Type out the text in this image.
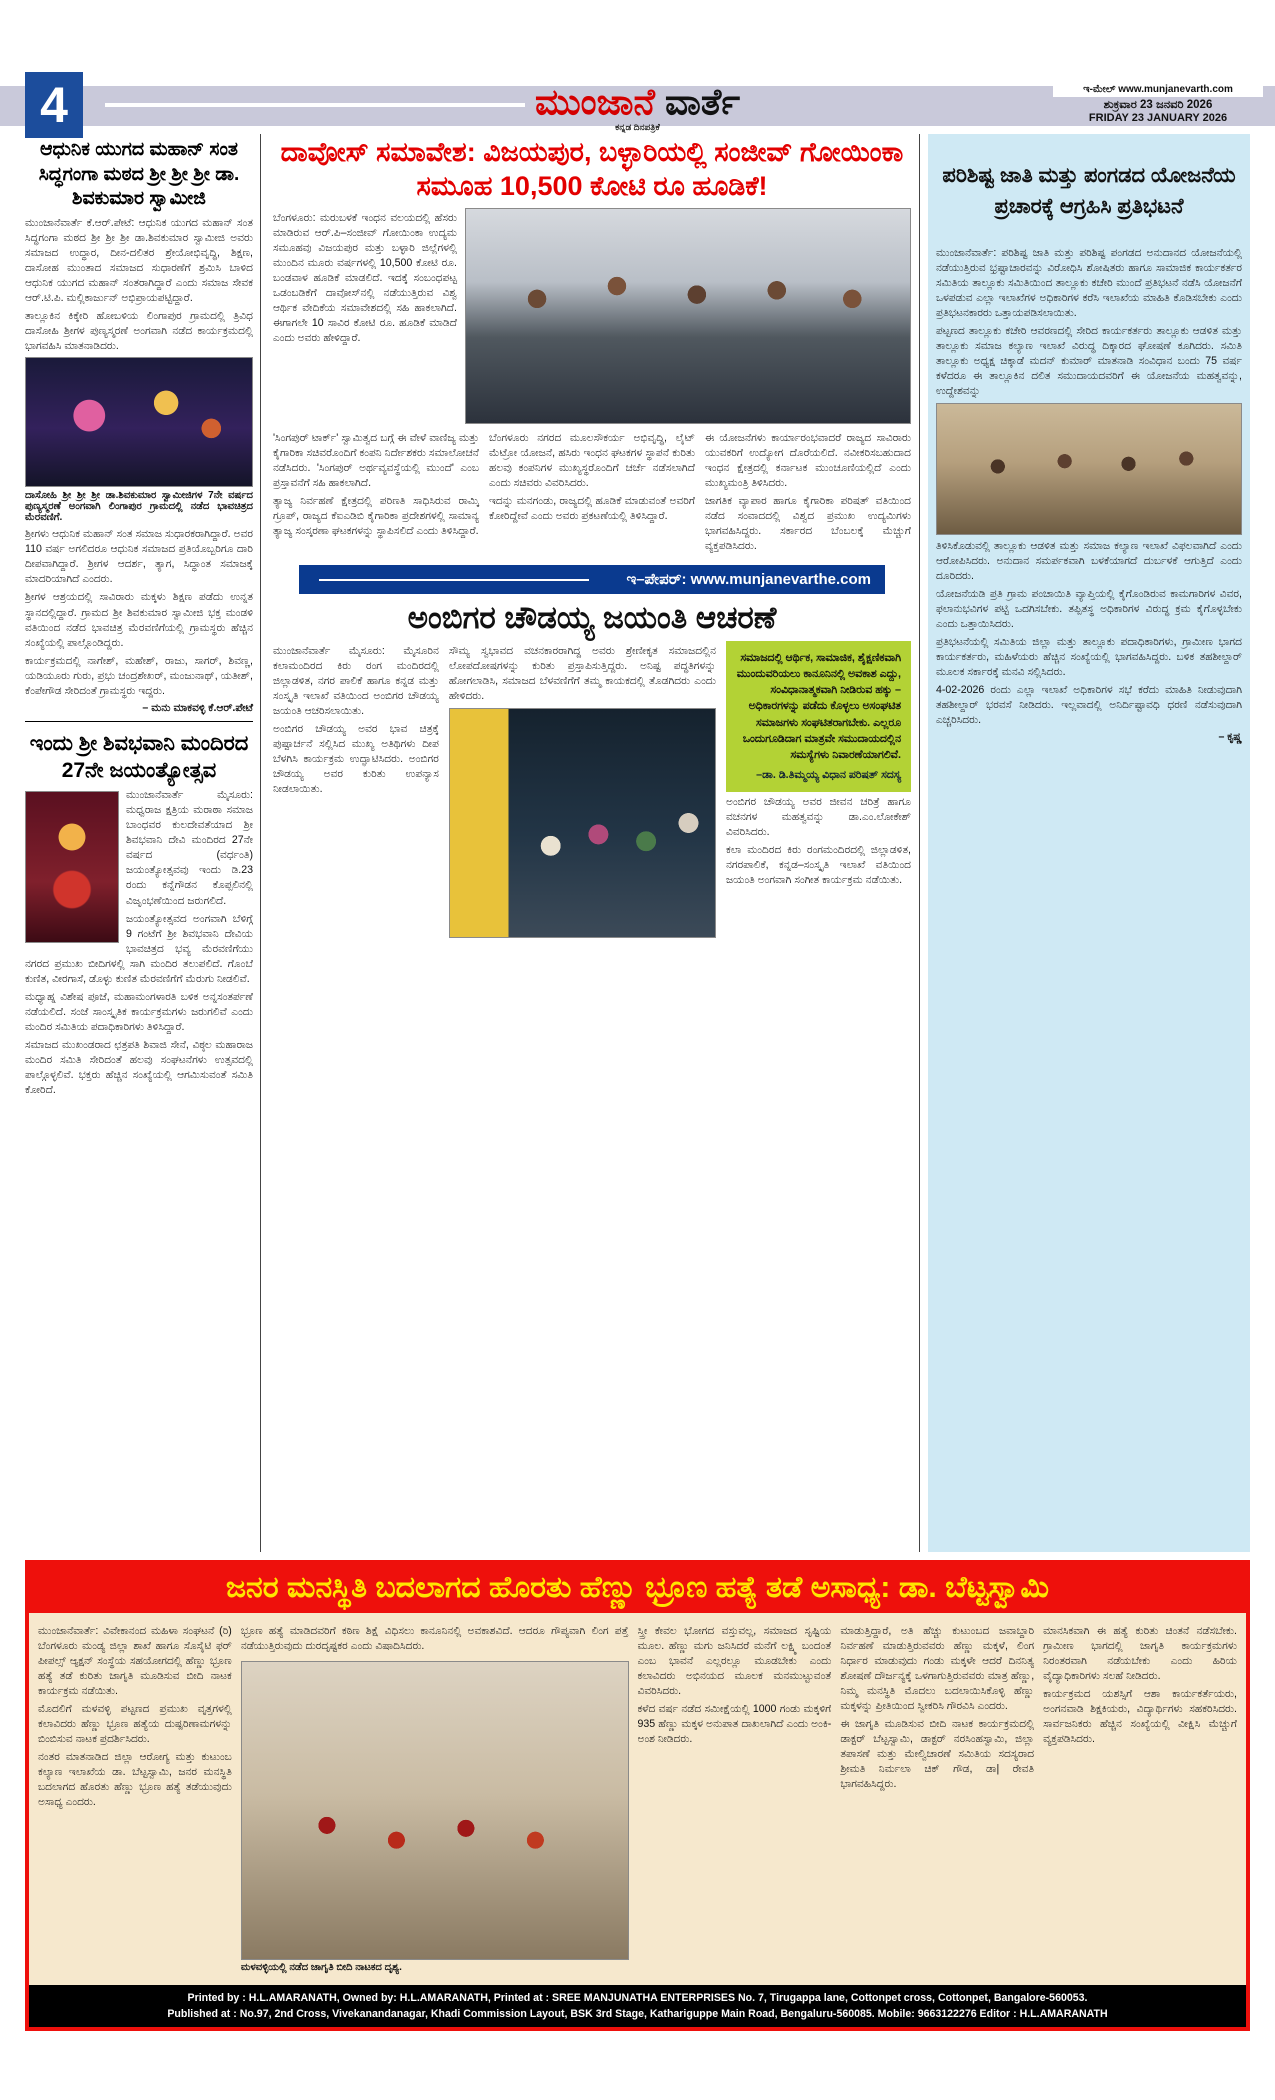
4	ಮುಂಜಾನೆ ವಾರ್ತೆ
ಕನ್ನಡ ದಿನಪತ್ರಿಕೆ
ಇ-ಮೇಲ್ www.munjanevarth.com
ಶುಕ್ರವಾರ 23 ಜನವರಿ 2026
FRIDAY 23 JANUARY 2026
ಆಧುನಿಕ ಯುಗದ ಮಹಾನ್ ಸಂತ ಸಿದ್ಧಗಂಗಾ ಮಠದ ಶ್ರೀ ಶ್ರೀ ಶ್ರೀ ಡಾ. ಶಿವಕುಮಾರ ಸ್ವಾಮೀಜಿ

ಮುಂಜಾನೆವಾರ್ತೆ ಕೆ.ಆರ್.ಪೇಟೆ: ಆಧುನಿಕ ಯುಗದ ಮಹಾನ್ ಸಂತ ಸಿದ್ಧಗಂಗಾ ಮಠದ ಶ್ರೀ ಶ್ರೀ ಶ್ರೀ ಡಾ.ಶಿವಕುಮಾರ ಸ್ವಾಮೀಜಿ ಅವರು ಸಮಾಜದ ಉದ್ಧಾರ, ದೀನ-ದಲಿತರ ಶ್ರೇಯೋಭಿವೃದ್ಧಿ, ಶಿಕ್ಷಣ, ದಾಸೋಹ ಮುಂತಾದ ಸಮಾಜದ ಸುಧಾರಣೆಗೆ ಶ್ರಮಿಸಿ ಬಾಳಿದ ಆಧುನಿಕ ಯುಗದ ಮಹಾನ್ ಸಂತರಾಗಿದ್ದಾರೆ ಎಂದು ಸಮಾಜ ಸೇವಕ ಆರ್.ಟಿ.ಪಿ. ಮಲ್ಲಿಕಾರ್ಜುನ್ ಅಭಿಪ್ರಾಯಪಟ್ಟಿದ್ದಾರೆ.

ತಾಲ್ಲೂಕಿನ ಕಿಕ್ಕೇರಿ ಹೋಬಳಿಯ ಲಿಂಗಾಪುರ ಗ್ರಾಮದಲ್ಲಿ ತ್ರಿವಿಧ ದಾಸೋಹಿ ಶ್ರೀಗಳ ಪುಣ್ಯಸ್ಮರಣೆ ಅಂಗವಾಗಿ ನಡೆದ ಕಾರ್ಯಕ್ರಮದಲ್ಲಿ ಭಾಗವಹಿಸಿ ಮಾತನಾಡಿದರು.

ದಾಸೋಹಿ ಶ್ರೀ ಶ್ರೀ ಶ್ರೀ ಡಾ.ಶಿವಕುಮಾರ ಸ್ವಾಮೀಜಿಗಳ 7ನೇ ವರ್ಷದ ಪುಣ್ಯಸ್ಮರಣೆ ಅಂಗವಾಗಿ ಲಿಂಗಾಪುರ ಗ್ರಾಮದಲ್ಲಿ ನಡೆದ ಭಾವಚಿತ್ರದ ಮೆರವಣಿಗೆ.

ಶ್ರೀಗಳು ಆಧುನಿಕ ಮಹಾನ್ ಸಂತ ಸಮಾಜ ಸುಧಾರಕರಾಗಿದ್ದಾರೆ. ಅವರ 110 ವರ್ಷ ಅಗಲಿದರೂ ಆಧುನಿಕ ಸಮಾಜದ ಪ್ರತಿಯೊಬ್ಬರಿಗೂ ದಾರಿ ದೀಪವಾಗಿದ್ದಾರೆ. ಶ್ರೀಗಳ ಆದರ್ಶ, ತ್ಯಾಗ, ಸಿದ್ಧಾಂತ ಸಮಾಜಕ್ಕೆ ಮಾದರಿಯಾಗಿದೆ ಎಂದರು.

ಶ್ರೀಗಳ ಆಶ್ರಯದಲ್ಲಿ ಸಾವಿರಾರು ಮಕ್ಕಳು ಶಿಕ್ಷಣ ಪಡೆದು ಉನ್ನತ ಸ್ಥಾನದಲ್ಲಿದ್ದಾರೆ. ಗ್ರಾಮದ ಶ್ರೀ ಶಿವಕುಮಾರ ಸ್ವಾಮೀಜಿ ಭಕ್ತ ಮಂಡಳಿ ವತಿಯಿಂದ ನಡೆದ ಭಾವಚಿತ್ರ ಮೆರವಣಿಗೆಯಲ್ಲಿ ಗ್ರಾಮಸ್ಥರು ಹೆಚ್ಚಿನ ಸಂಖ್ಯೆಯಲ್ಲಿ ಪಾಲ್ಗೊಂಡಿದ್ದರು.

ಕಾರ್ಯಕ್ರಮದಲ್ಲಿ ನಾಗೇಶ್, ಮಹೇಶ್, ರಾಜು, ಸಾಗರ್, ಶಿವಣ್ಣ, ಯಡಿಯೂರು ಗುರು, ಪ್ರಭು ಚಂದ್ರಶೇಖರ್, ಮಂಜುನಾಥ್, ಯತೀಶ್, ಕೆಂಪೇಗೌಡ ಸೇರಿದಂತೆ ಗ್ರಾಮಸ್ಥರು ಇದ್ದರು.

– ಮನು ಮಾಕವಳ್ಳಿ ಕೆ.ಆರ್.ಪೇಟೆ
ಇಂದು ಶ್ರೀ ಶಿವಭವಾನಿ ಮಂದಿರದ 27ನೇ ಜಯಂತ್ಯೋತ್ಸವ

ಮುಂಜಾನೆವಾರ್ತೆ ಮೈಸೂರು: ಮಧ್ವರಾಜ ಕ್ಷತ್ರಿಯ ಮರಾಠಾ ಸಮಾಜ ಬಾಂಧವರ ಕುಲದೇವತೆಯಾದ ಶ್ರೀ ಶಿವಭವಾನಿ ದೇವಿ ಮಂದಿರದ 27ನೇ ವರ್ಷದ (ವರ್ಧಂತಿ) ಜಯಂತ್ಯೋತ್ಸವವು ಇಂದು ಡಿ.23 ರಂದು ಕನ್ನೆಗೌಡನ ಕೊಪ್ಪಲಿನಲ್ಲಿ ವಿಜೃಂಭಣೆಯಿಂದ ಜರುಗಲಿದೆ.

ಜಯಂತ್ಯೋತ್ಸವದ ಅಂಗವಾಗಿ ಬೆಳಿಗ್ಗೆ 9 ಗಂಟೆಗೆ ಶ್ರೀ ಶಿವಭವಾನಿ ದೇವಿಯ ಭಾವಚಿತ್ರದ ಭವ್ಯ ಮೆರವಣಿಗೆಯು ನಗರದ ಪ್ರಮುಖ ಬೀದಿಗಳಲ್ಲಿ ಸಾಗಿ ಮಂದಿರ ತಲುಪಲಿದೆ. ಗೊಂಬೆ ಕುಣಿತ, ವೀರಗಾಸೆ, ಡೊಳ್ಳು ಕುಣಿತ ಮೆರವಣಿಗೆಗೆ ಮೆರುಗು ನೀಡಲಿವೆ.

ಮಧ್ಯಾಹ್ನ ವಿಶೇಷ ಪೂಜೆ, ಮಹಾಮಂಗಳಾರತಿ ಬಳಿಕ ಅನ್ನಸಂತರ್ಪಣೆ ನಡೆಯಲಿದೆ. ಸಂಜೆ ಸಾಂಸ್ಕೃತಿಕ ಕಾರ್ಯಕ್ರಮಗಳು ಜರುಗಲಿವೆ ಎಂದು ಮಂದಿರ ಸಮಿತಿಯ ಪದಾಧಿಕಾರಿಗಳು ತಿಳಿಸಿದ್ದಾರೆ.

ಸಮಾಜದ ಮುಖಂಡರಾದ ಛತ್ರಪತಿ ಶಿವಾಜಿ ಸೇನೆ, ವಿಠ್ಠಲ ಮಹಾರಾಜ ಮಂದಿರ ಸಮಿತಿ ಸೇರಿದಂತೆ ಹಲವು ಸಂಘಟನೆಗಳು ಉತ್ಸವದಲ್ಲಿ ಪಾಲ್ಗೊಳ್ಳಲಿವೆ. ಭಕ್ತರು ಹೆಚ್ಚಿನ ಸಂಖ್ಯೆಯಲ್ಲಿ ಆಗಮಿಸುವಂತೆ ಸಮಿತಿ ಕೋರಿದೆ.

ದಾವೋಸ್ ಸಮಾವೇಶ: ವಿಜಯಪುರ, ಬಳ್ಳಾರಿಯಲ್ಲಿ ಸಂಜೀವ್ ಗೋಯಿಂಕಾ ಸಮೂಹ 10,500 ಕೋಟಿ ರೂ ಹೂಡಿಕೆ!

ಬೆಂಗಳೂರು: ಮರುಬಳಕೆ ಇಂಧನ ವಲಯದಲ್ಲಿ ಹೆಸರು ಮಾಡಿರುವ ಆರ್.ಪಿ–ಸಂಜೀವ್ ಗೋಯಿಂಕಾ ಉದ್ಯಮ ಸಮೂಹವು ವಿಜಯಪುರ ಮತ್ತು ಬಳ್ಳಾರಿ ಜಿಲ್ಲೆಗಳಲ್ಲಿ ಮುಂದಿನ ಮೂರು ವರ್ಷಗಳಲ್ಲಿ 10,500 ಕೋಟಿ ರೂ. ಬಂಡವಾಳ ಹೂಡಿಕೆ ಮಾಡಲಿದೆ. ಇದಕ್ಕೆ ಸಂಬಂಧಪಟ್ಟ ಒಡಂಬಡಿಕೆಗೆ ದಾವೋಸ್‌ನಲ್ಲಿ ನಡೆಯುತ್ತಿರುವ ವಿಶ್ವ ಆರ್ಥಿಕ ವೇದಿಕೆಯ ಸಮಾವೇಶದಲ್ಲಿ ಸಹಿ ಹಾಕಲಾಗಿದೆ. ಈಗಾಗಲೇ 10 ಸಾವಿರ ಕೋಟಿ ರೂ. ಹೂಡಿಕೆ ಮಾಡಿದೆ ಎಂದು ಅವರು ಹೇಳಿದ್ದಾರೆ.

'ಸಿಂಗಪುರ್ ಟಾರ್ಕ್' ಸ್ವಾಮಿತ್ವದ ಬಗ್ಗೆ ಈ ವೇಳೆ ವಾಣಿಜ್ಯ ಮತ್ತು ಕೈಗಾರಿಕಾ ಸಚಿವರೊಂದಿಗೆ ಕಂಪನಿ ನಿರ್ದೇಶಕರು ಸಮಾಲೋಚನೆ ನಡೆಸಿದರು. 'ಸಿಂಗಪುರ್ ಅರ್ಥವ್ಯವಸ್ಥೆಯಲ್ಲಿ ಮುಂದೆ' ಎಂಬ ಪ್ರಸ್ತಾವನೆಗೆ ಸಹಿ ಹಾಕಲಾಗಿದೆ.

ತ್ಯಾಜ್ಯ ನಿರ್ವಹಣೆ ಕ್ಷೇತ್ರದಲ್ಲಿ ಪರಿಣತಿ ಸಾಧಿಸಿರುವ ರಾಮ್ಕಿ ಗ್ರೂಪ್, ರಾಜ್ಯದ ಕೆಐಎಡಿಬಿ ಕೈಗಾರಿಕಾ ಪ್ರದೇಶಗಳಲ್ಲಿ ಸಾಮಾನ್ಯ ತ್ಯಾಜ್ಯ ಸಂಸ್ಕರಣಾ ಘಟಕಗಳನ್ನು ಸ್ಥಾಪಿಸಲಿದೆ ಎಂದು ತಿಳಿಸಿದ್ದಾರೆ.

ಬೆಂಗಳೂರು ನಗರದ ಮೂಲಸೌಕರ್ಯ ಅಭಿವೃದ್ಧಿ, ಲೈಟ್ ಮೆಟ್ರೋ ಯೋಜನೆ, ಹಸಿರು ಇಂಧನ ಘಟಕಗಳ ಸ್ಥಾಪನೆ ಕುರಿತು ಹಲವು ಕಂಪನಿಗಳ ಮುಖ್ಯಸ್ಥರೊಂದಿಗೆ ಚರ್ಚೆ ನಡೆಸಲಾಗಿದೆ ಎಂದು ಸಚಿವರು ವಿವರಿಸಿದರು.

ಇದನ್ನು ಮನಗಂಡು, ರಾಜ್ಯದಲ್ಲಿ ಹೂಡಿಕೆ ಮಾಡುವಂತೆ ಅವರಿಗೆ ಕೋರಿದ್ದೇವೆ ಎಂದು ಅವರು ಪ್ರಕಟಣೆಯಲ್ಲಿ ತಿಳಿಸಿದ್ದಾರೆ.

ಈ ಯೋಜನೆಗಳು ಕಾರ್ಯಾರಂಭವಾದರೆ ರಾಜ್ಯದ ಸಾವಿರಾರು ಯುವಕರಿಗೆ ಉದ್ಯೋಗ ದೊರೆಯಲಿದೆ. ನವೀಕರಿಸಬಹುದಾದ ಇಂಧನ ಕ್ಷೇತ್ರದಲ್ಲಿ ಕರ್ನಾಟಕ ಮುಂಚೂಣಿಯಲ್ಲಿದೆ ಎಂದು ಮುಖ್ಯಮಂತ್ರಿ ತಿಳಿಸಿದರು.

ಜಾಗತಿಕ ವ್ಯಾಪಾರ ಹಾಗೂ ಕೈಗಾರಿಕಾ ಪರಿಷತ್ ವತಿಯಿಂದ ನಡೆದ ಸಂವಾದದಲ್ಲಿ ವಿಶ್ವದ ಪ್ರಮುಖ ಉದ್ಯಮಿಗಳು ಭಾಗವಹಿಸಿದ್ದರು. ಸರ್ಕಾರದ ಬೆಂಬಲಕ್ಕೆ ಮೆಚ್ಚುಗೆ ವ್ಯಕ್ತಪಡಿಸಿದರು.

ಇ–ಪೇಪರ್: www.munjanevarthe.com
ಅಂಬಿಗರ ಚೌಡಯ್ಯ ಜಯಂತಿ ಆಚರಣೆ

ಮುಂಜಾನೆವಾರ್ತೆ ಮೈಸೂರು: ಮೈಸೂರಿನ ಕಲಾಮಂದಿರದ ಕಿರು ರಂಗ ಮಂದಿರದಲ್ಲಿ ಜಿಲ್ಲಾಡಳಿತ, ನಗರ ಪಾಲಿಕೆ ಹಾಗೂ ಕನ್ನಡ ಮತ್ತು ಸಂಸ್ಕೃತಿ ಇಲಾಖೆ ವತಿಯಿಂದ ಅಂಬಿಗರ ಚೌಡಯ್ಯ ಜಯಂತಿ ಆಚರಿಸಲಾಯಿತು.

ಅಂಬಿಗರ ಚೌಡಯ್ಯ ಅವರ ಭಾವ ಚಿತ್ರಕ್ಕೆ ಪುಷ್ಪಾರ್ಚನೆ ಸಲ್ಲಿಸಿದ ಮುಖ್ಯ ಅತಿಥಿಗಳು ದೀಪ ಬೆಳಗಿಸಿ ಕಾರ್ಯಕ್ರಮ ಉದ್ಘಾಟಿಸಿದರು. ಅಂಬಿಗರ ಚೌಡಯ್ಯ ಅವರ ಕುರಿತು ಉಪನ್ಯಾಸ ನೀಡಲಾಯಿತು.

ಸೌಮ್ಯ ಸ್ವಭಾವದ ವಚನಕಾರರಾಗಿದ್ದ ಅವರು ಶ್ರೇಣೀಕೃತ ಸಮಾಜದಲ್ಲಿನ ಲೋಪದೋಷಗಳನ್ನು ಕುರಿತು ಪ್ರಸ್ತಾಪಿಸುತ್ತಿದ್ದರು. ಅನಿಷ್ಟ ಪದ್ಧತಿಗಳನ್ನು ಹೋಗಲಾಡಿಸಿ, ಸಮಾಜದ ಬೆಳವಣಿಗೆಗೆ ತಮ್ಮ ಕಾಯಕದಲ್ಲಿ ತೊಡಗಿದರು ಎಂದು ಹೇಳಿದರು.

ಸಮಾಜದಲ್ಲಿ ಆರ್ಥಿಕ, ಸಾಮಾಜಿಕ, ಶೈಕ್ಷಣಿಕವಾಗಿ ಮುಂದುವರಿಯಲು ಕಾನೂನಿನಲ್ಲಿ ಅವಕಾಶ ಎದ್ದು, ಸಂವಿಧಾನಾತ್ಮಕವಾಗಿ ನೀಡಿರುವ ಹಕ್ಕು – ಅಧಿಕಾರಗಳನ್ನು ಪಡೆದು ಕೊಳ್ಳಲು ಅಸಂಘಟಿತ ಸಮಾಜಗಳು ಸಂಘಟಿತರಾಗಬೇಕು. ಎಲ್ಲರೂ ಒಂದುಗೂಡಿದಾಗ ಮಾತ್ರವೇ ಸಮುದಾಯದಲ್ಲಿನ ಸಮಸ್ಯೆಗಳು ನಿವಾರಣೆಯಾಗಲಿವೆ.
–ಡಾ. ಡಿ.ತಿಮ್ಮಯ್ಯ ವಿಧಾನ ಪರಿಷತ್ ಸದಸ್ಯ

ಅಂಬಿಗರ ಚೌಡಯ್ಯ ಅವರ ಜೀವನ ಚರಿತ್ರೆ ಹಾಗೂ ವಚನಗಳ ಮಹತ್ವವನ್ನು ಡಾ.ಎಂ.ಲೋಕೇಶ್ ವಿವರಿಸಿದರು.

ಕಲಾ ಮಂದಿರದ ಕಿರು ರಂಗಮಂದಿರದಲ್ಲಿ ಜಿಲ್ಲಾಡಳಿತ, ನಗರಪಾಲಿಕೆ, ಕನ್ನಡ–ಸಂಸ್ಕೃತಿ ಇಲಾಖೆ ವತಿಯಿಂದ ಜಯಂತಿ ಅಂಗವಾಗಿ ಸಂಗೀತ ಕಾರ್ಯಕ್ರಮ ನಡೆಯಿತು.

ಪರಿಶಿಷ್ಟ ಜಾತಿ ಮತ್ತು ಪಂಗಡದ ಯೋಜನೆಯ ಪ್ರಚಾರಕ್ಕೆ ಆಗ್ರಹಿಸಿ ಪ್ರತಿಭಟನೆ

ಮುಂಜಾನೆವಾರ್ತೆ: ಪರಿಶಿಷ್ಟ ಜಾತಿ ಮತ್ತು ಪರಿಶಿಷ್ಟ ಪಂಗಡದ ಅನುದಾನದ ಯೋಜನೆಯಲ್ಲಿ ನಡೆಯುತ್ತಿರುವ ಭ್ರಷ್ಟಾಚಾರವನ್ನು ವಿರೋಧಿಸಿ ಶೋಷಿತರು ಹಾಗೂ ಸಾಮಾಜಿಕ ಕಾರ್ಯಕರ್ತರ ಸಮಿತಿಯ ತಾಲ್ಲೂಕು ಸಮಿತಿಯಿಂದ ತಾಲ್ಲೂಕು ಕಚೇರಿ ಮುಂದೆ ಪ್ರತಿಭಟನೆ ನಡೆಸಿ ಯೋಜನೆಗೆ ಒಳಪಡುವ ಎಲ್ಲಾ ಇಲಾಖೆಗಳ ಅಧಿಕಾರಿಗಳ ಕರೆಸಿ ಇಲಾಖೆಯ ಮಾಹಿತಿ ಕೊಡಿಸಬೇಕು ಎಂದು ಪ್ರತಿಭಟನಕಾರರು ಒತ್ತಾಯಪಡಿಸಲಾಯಿತು.

ಪಟ್ಟಣದ ತಾಲ್ಲೂಕು ಕಚೇರಿ ಆವರಣದಲ್ಲಿ ಸೇರಿದ ಕಾರ್ಯಕರ್ತರು ತಾಲ್ಲೂಕು ಆಡಳಿತ ಮತ್ತು ತಾಲ್ಲೂಕು ಸಮಾಜ ಕಲ್ಯಾಣ ಇಲಾಖೆ ವಿರುದ್ಧ ದಿಕ್ಕಾರದ ಘೋಷಣೆ ಕೂಗಿದರು. ಸಮಿತಿ ತಾಲ್ಲೂಕು ಅಧ್ಯಕ್ಷ ಚಿಕ್ಕಾಡೆ ಮದನ್ ಕುಮಾರ್ ಮಾತನಾಡಿ ಸಂವಿಧಾನ ಬಂದು 75 ವರ್ಷ ಕಳೆದರೂ ಈ ತಾಲ್ಲೂಕಿನ ದಲಿತ ಸಮುದಾಯದವರಿಗೆ ಈ ಯೋಜನೆಯ ಮಹತ್ವವನ್ನು, ಉದ್ದೇಶವನ್ನು

ತಿಳಿಸಿಕೊಡುವಲ್ಲಿ ತಾಲ್ಲೂಕು ಆಡಳಿತ ಮತ್ತು ಸಮಾಜ ಕಲ್ಯಾಣ ಇಲಾಖೆ ವಿಫಲವಾಗಿದೆ ಎಂದು ಆರೋಪಿಸಿದರು. ಅನುದಾನ ಸಮರ್ಪಕವಾಗಿ ಬಳಕೆಯಾಗದೆ ದುರ್ಬಳಕೆ ಆಗುತ್ತಿದೆ ಎಂದು ದೂರಿದರು.

ಯೋಜನೆಯಡಿ ಪ್ರತಿ ಗ್ರಾಮ ಪಂಚಾಯಿತಿ ವ್ಯಾಪ್ತಿಯಲ್ಲಿ ಕೈಗೊಂಡಿರುವ ಕಾಮಗಾರಿಗಳ ವಿವರ, ಫಲಾನುಭವಿಗಳ ಪಟ್ಟಿ ಒದಗಿಸಬೇಕು. ತಪ್ಪಿತಸ್ಥ ಅಧಿಕಾರಿಗಳ ವಿರುದ್ಧ ಕ್ರಮ ಕೈಗೊಳ್ಳಬೇಕು ಎಂದು ಒತ್ತಾಯಿಸಿದರು.

ಪ್ರತಿಭಟನೆಯಲ್ಲಿ ಸಮಿತಿಯ ಜಿಲ್ಲಾ ಮತ್ತು ತಾಲ್ಲೂಕು ಪದಾಧಿಕಾರಿಗಳು, ಗ್ರಾಮೀಣ ಭಾಗದ ಕಾರ್ಯಕರ್ತರು, ಮಹಿಳೆಯರು ಹೆಚ್ಚಿನ ಸಂಖ್ಯೆಯಲ್ಲಿ ಭಾಗವಹಿಸಿದ್ದರು. ಬಳಿಕ ತಹಶೀಲ್ದಾರ್ ಮೂಲಕ ಸರ್ಕಾರಕ್ಕೆ ಮನವಿ ಸಲ್ಲಿಸಿದರು.

4-02-2026 ರಂದು ಎಲ್ಲಾ ಇಲಾಖೆ ಅಧಿಕಾರಿಗಳ ಸಭೆ ಕರೆದು ಮಾಹಿತಿ ನೀಡುವುದಾಗಿ ತಹಶೀಲ್ದಾರ್ ಭರವಸೆ ನೀಡಿದರು. ಇಲ್ಲವಾದಲ್ಲಿ ಅನಿರ್ದಿಷ್ಟಾವಧಿ ಧರಣಿ ನಡೆಸುವುದಾಗಿ ಎಚ್ಚರಿಸಿದರು.

– ಕೃಷ್ಣ
ಜನರ ಮನಸ್ಥಿತಿ ಬದಲಾಗದ ಹೊರತು ಹೆಣ್ಣು ಭ್ರೂಣ ಹತ್ಯೆ ತಡೆ ಅಸಾಧ್ಯ: ಡಾ. ಬೆಟ್ಟಸ್ವಾಮಿ

ಮುಂಜಾನೆವಾರ್ತೆ: ವಿವೇಕಾನಂದ ಮಹಿಳಾ ಸಂಘಟನೆ (ರಿ) ಬೆಂಗಳೂರು ಮಂಡ್ಯ ಜಿಲ್ಲಾ ಶಾಖೆ ಹಾಗೂ ಸೊಸೈಟಿ ಫರ್ ಪೀಪಲ್ಸ್ ಆ್ಯಕ್ಷನ್ ಸಂಸ್ಥೆಯ ಸಹಯೋಗದಲ್ಲಿ ಹೆಣ್ಣು ಭ್ರೂಣ ಹತ್ಯೆ ತಡೆ ಕುರಿತು ಜಾಗೃತಿ ಮೂಡಿಸುವ ಬೀದಿ ನಾಟಕ ಕಾರ್ಯಕ್ರಮ ನಡೆಯಿತು.

ಮೊದಲಿಗೆ ಮಳವಳ್ಳಿ ಪಟ್ಟಣದ ಪ್ರಮುಖ ವೃತ್ತಗಳಲ್ಲಿ ಕಲಾವಿದರು ಹೆಣ್ಣು ಭ್ರೂಣ ಹತ್ಯೆಯ ದುಷ್ಪರಿಣಾಮಗಳನ್ನು ಬಿಂಬಿಸುವ ನಾಟಕ ಪ್ರದರ್ಶಿಸಿದರು.

ನಂತರ ಮಾತನಾಡಿದ ಜಿಲ್ಲಾ ಆರೋಗ್ಯ ಮತ್ತು ಕುಟುಂಬ ಕಲ್ಯಾಣ ಇಲಾಖೆಯ ಡಾ. ಬೆಟ್ಟಸ್ವಾಮಿ, ಜನರ ಮನಸ್ಥಿತಿ ಬದಲಾಗದ ಹೊರತು ಹೆಣ್ಣು ಭ್ರೂಣ ಹತ್ಯೆ ತಡೆಯುವುದು ಅಸಾಧ್ಯ ಎಂದರು.

ಭ್ರೂಣ ಹತ್ಯೆ ಮಾಡಿದವರಿಗೆ ಕಠಿಣ ಶಿಕ್ಷೆ ವಿಧಿಸಲು ಕಾನೂನಿನಲ್ಲಿ ಅವಕಾಶವಿದೆ. ಆದರೂ ಗೌಪ್ಯವಾಗಿ ಲಿಂಗ ಪತ್ತೆ ನಡೆಯುತ್ತಿರುವುದು ದುರದೃಷ್ಟಕರ ಎಂದು ವಿಷಾದಿಸಿದರು.

ಮಳವಳ್ಳಿಯಲ್ಲಿ ನಡೆದ ಜಾಗೃತಿ ಬೀದಿ ನಾಟಕದ ದೃಶ್ಯ.

ಸ್ತ್ರೀ ಕೇವಲ ಭೋಗದ ವಸ್ತುವಲ್ಲ, ಸಮಾಜದ ಸೃಷ್ಟಿಯ ಮೂಲ. ಹೆಣ್ಣು ಮಗು ಜನಿಸಿದರೆ ಮನೆಗೆ ಲಕ್ಷ್ಮಿ ಬಂದಂತೆ ಎಂಬ ಭಾವನೆ ಎಲ್ಲರಲ್ಲೂ ಮೂಡಬೇಕು ಎಂದು ಕಲಾವಿದರು ಅಭಿನಯದ ಮೂಲಕ ಮನಮುಟ್ಟುವಂತೆ ವಿವರಿಸಿದರು.

ಕಳೆದ ವರ್ಷ ನಡೆದ ಸಮೀಕ್ಷೆಯಲ್ಲಿ 1000 ಗಂಡು ಮಕ್ಕಳಿಗೆ 935 ಹೆಣ್ಣು ಮಕ್ಕಳ ಅನುಪಾತ ದಾಖಲಾಗಿದೆ ಎಂದು ಅಂಕಿ-ಅಂಶ ನೀಡಿದರು.

ಮಾಡುತ್ತಿದ್ದಾರೆ, ಅತಿ ಹೆಚ್ಚು ಕುಟುಂಬದ ಜವಾಬ್ದಾರಿ ನಿರ್ವಹಣೆ ಮಾಡುತ್ತಿರುವವರು ಹೆಣ್ಣು ಮಕ್ಕಳೆ, ಲಿಂಗ ನಿರ್ಧಾರ ಮಾಡುವುದು ಗಂಡು ಮಕ್ಕಳೇ ಆದರೆ ದಿನನಿತ್ಯ ಶೋಷಣೆ ದೌರ್ಜನ್ಯಕ್ಕೆ ಒಳಗಾಗುತ್ತಿರುವವರು ಮಾತ್ರ ಹೆಣ್ಣು, ನಿಮ್ಮ ಮನಸ್ಥಿತಿ ಮೊದಲು ಬದಲಾಯಿಸಿಕೊಳ್ಳಿ ಹೆಣ್ಣು ಮಕ್ಕಳನ್ನು ಪ್ರೀತಿಯಿಂದ ಸ್ವೀಕರಿಸಿ ಗೌರವಿಸಿ ಎಂದರು.

ಈ ಜಾಗೃತಿ ಮೂಡಿಸುವ ಬೀದಿ ನಾಟಕ ಕಾರ್ಯಕ್ರಮದಲ್ಲಿ ಡಾಕ್ಟರ್ ಬೆಟ್ಟಸ್ವಾಮಿ, ಡಾಕ್ಟರ್ ನರಸಿಂಹಸ್ವಾಮಿ, ಜಿಲ್ಲಾ ತಪಾಸಣೆ ಮತ್ತು ಮೇಲ್ವಿಚಾರಣೆ ಸಮಿತಿಯ ಸದಸ್ಯರಾದ ಶ್ರೀಮತಿ ನಿರ್ಮಲಾ ಚಿಕ್ ಗೌಡ, ಡಾ| ರೇವತಿ ಭಾಗವಹಿಸಿದ್ದರು.

ಮಾನಸಿಕವಾಗಿ ಈ ಹತ್ಯೆ ಕುರಿತು ಚಿಂತನೆ ನಡೆಸಬೇಕು. ಗ್ರಾಮೀಣ ಭಾಗದಲ್ಲಿ ಜಾಗೃತಿ ಕಾರ್ಯಕ್ರಮಗಳು ನಿರಂತರವಾಗಿ ನಡೆಯಬೇಕು ಎಂದು ಹಿರಿಯ ವೈದ್ಯಾಧಿಕಾರಿಗಳು ಸಲಹೆ ನೀಡಿದರು.

ಕಾರ್ಯಕ್ರಮದ ಯಶಸ್ಸಿಗೆ ಆಶಾ ಕಾರ್ಯಕರ್ತೆಯರು, ಅಂಗನವಾಡಿ ಶಿಕ್ಷಕಿಯರು, ವಿದ್ಯಾರ್ಥಿಗಳು ಸಹಕರಿಸಿದರು. ಸಾರ್ವಜನಿಕರು ಹೆಚ್ಚಿನ ಸಂಖ್ಯೆಯಲ್ಲಿ ವೀಕ್ಷಿಸಿ ಮೆಚ್ಚುಗೆ ವ್ಯಕ್ತಪಡಿಸಿದರು.

Printed by : H.L.AMARANATH, Owned by: H.L.AMARANATH, Printed at : SREE MANJUNATHA ENTERPRISES No. 7, Tirugappa lane, Cottonpet cross, Cottonpet, Bangalore-560053.
Published at : No.97, 2nd Cross, Vivekanandanagar, Khadi Commission Layout, BSK 3rd Stage, Kathariguppe Main Road, Bengaluru-560085. Mobile: 9663122276 Editor : H.L.AMARANATH
